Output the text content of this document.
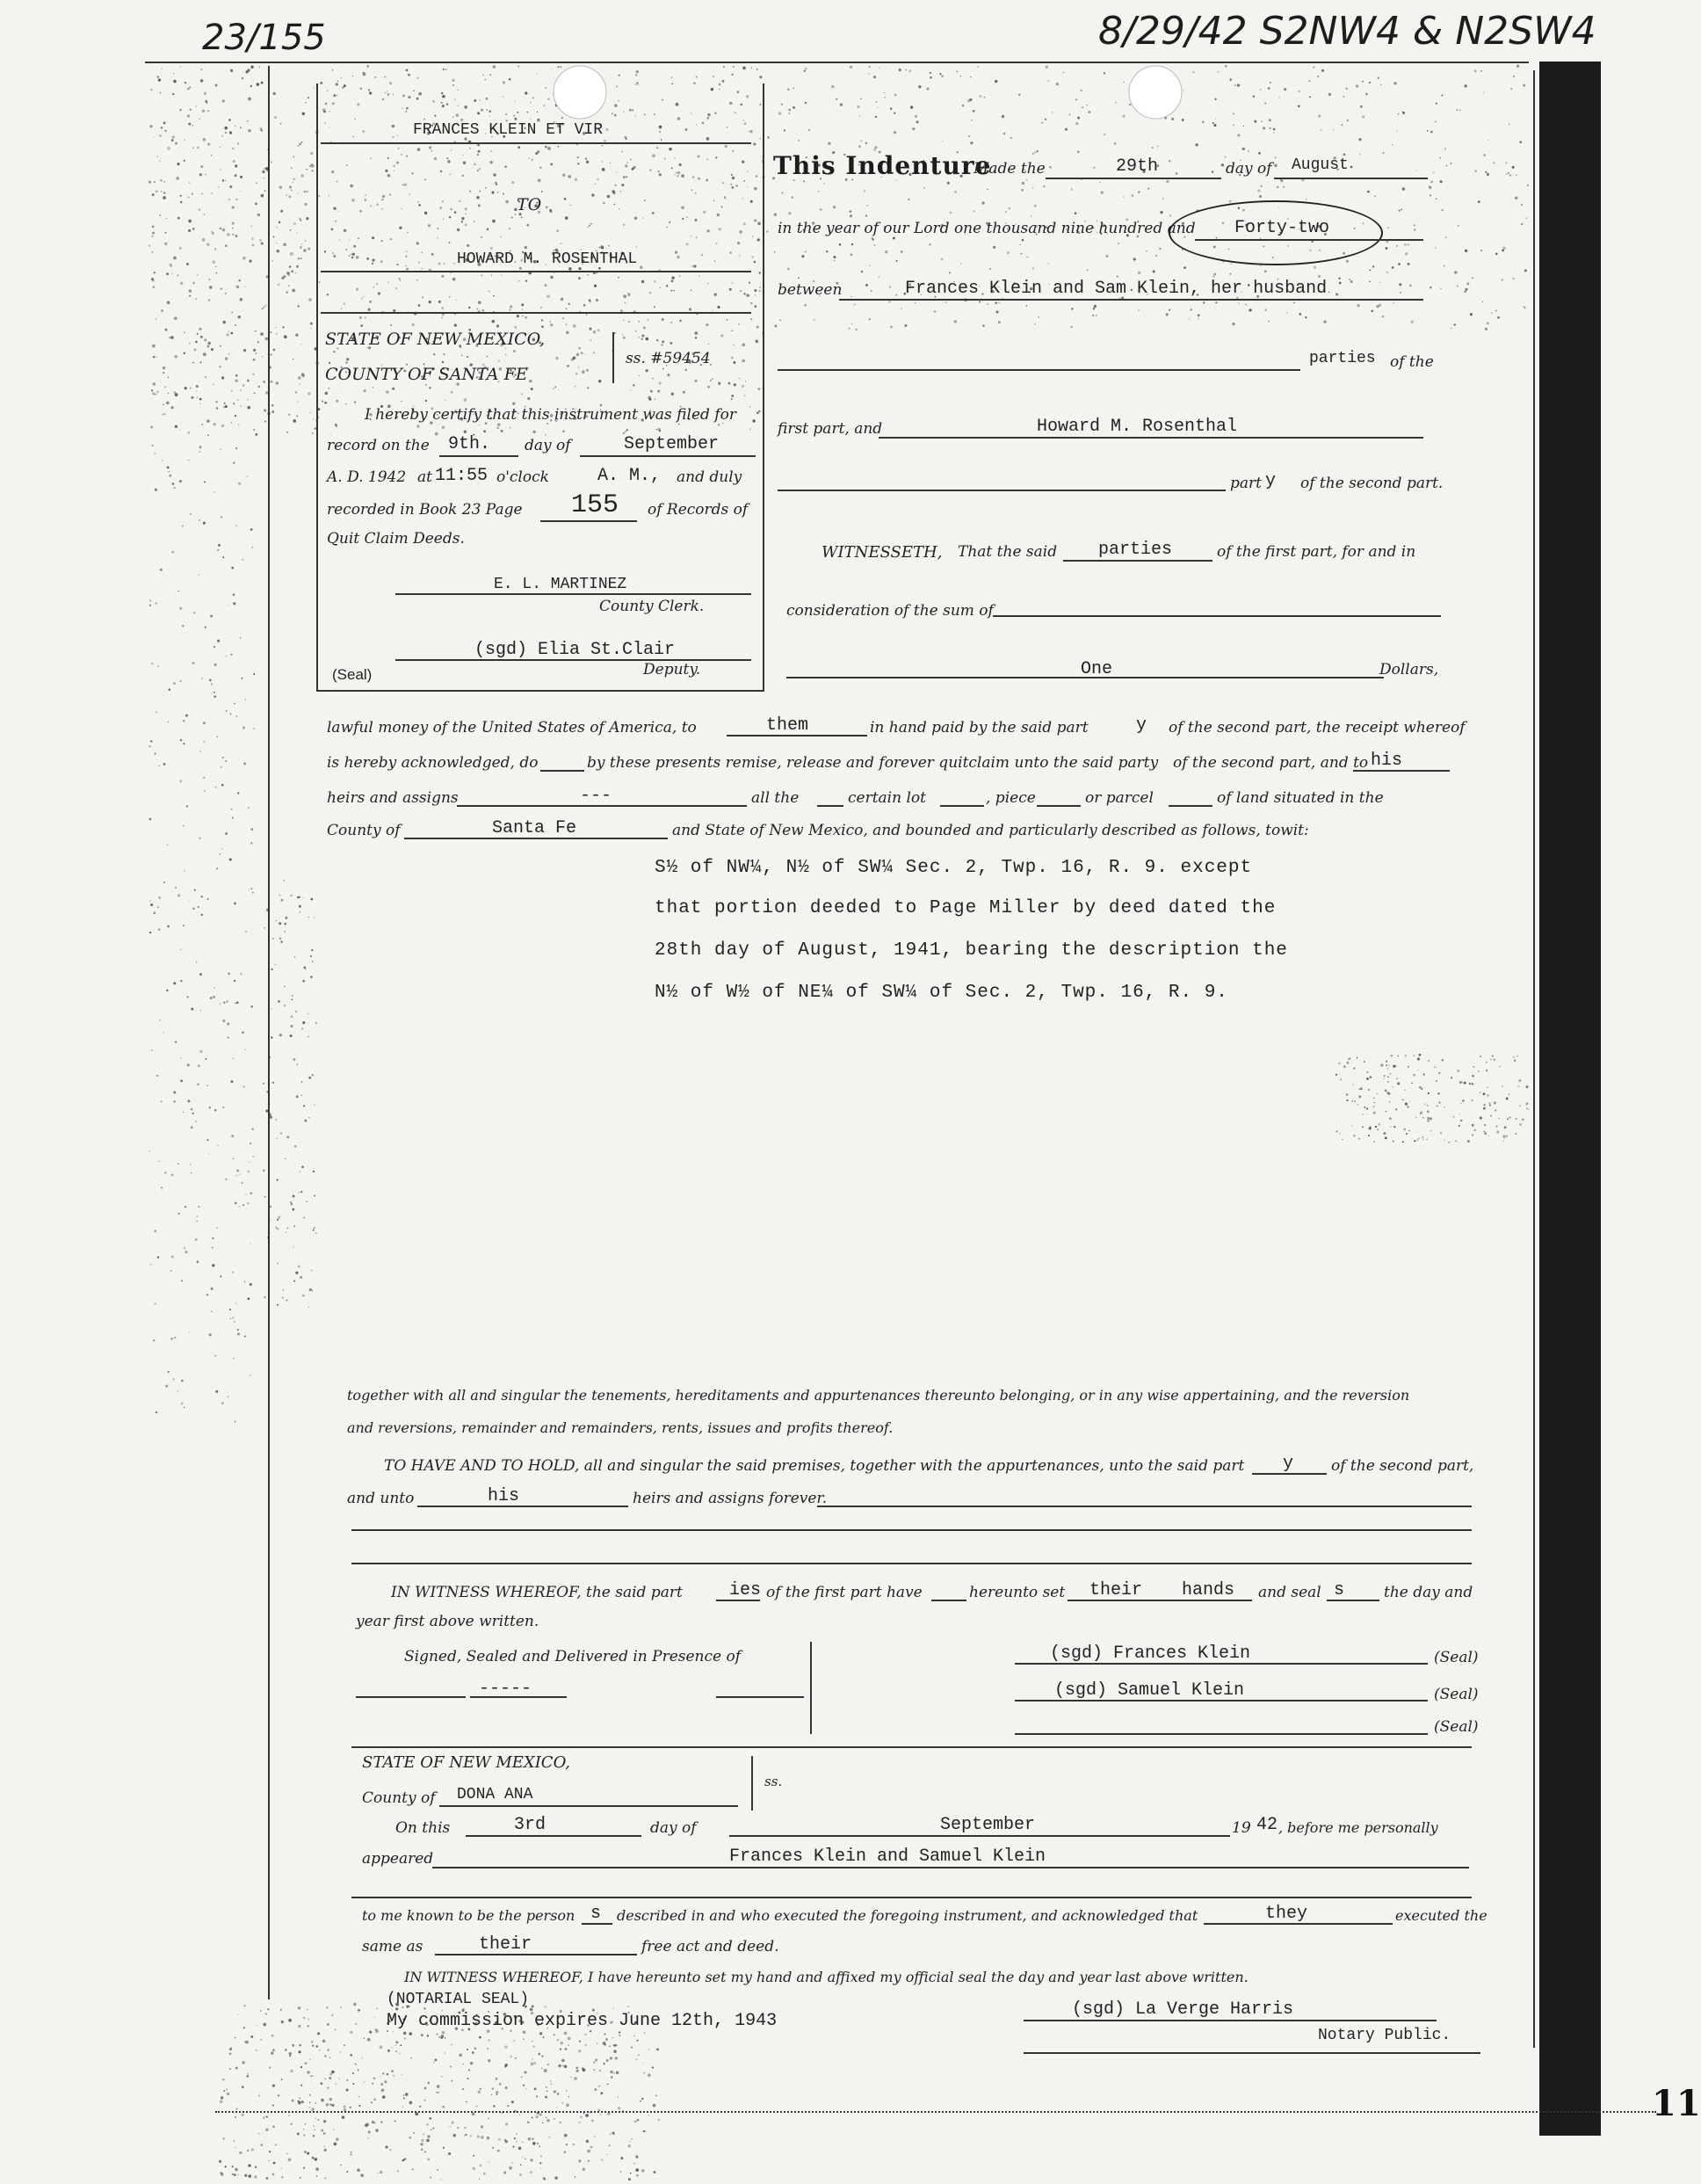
23/155	8/29/42 S2NW4 & N2SW4
11
FRANCES KLEIN ET VIR
TO
HOWARD M. ROSENTHAL
STATE OF NEW MEXICO,
COUNTY OF SANTA FE
ss. #59454
I hereby certify that this instrument was filed for
record on the 9th. day of	September
A. D. 1942 at 11:55 o'clock	A. M., and duly
recorded in Book 23 Page 155 of Records of
Quit Claim Deeds.
E. L. MARTINEZ
County Clerk.
(sgd) Elia St.Clair
(Seal)	Deputy.
This Indenture
Made the	29th	day of August
in the year of our Lord one thousand nine hundred and Forty-two
between	Frances Klein and Sam Klein, her husband
parties of the
first part, and	Howard M. Rosenthal
part y of the second part.
WITNESSETH, That the said parties	of the first part, for and in
consideration of the sum of
One	Dollars,
lawful money of the United States of America, to	them	in hand paid by the said part	y of the second part, the receipt whereof
is hereby acknowledged, do	by these presents remise, release and forever quitclaim unto the said party of the second part, and to his
heirs and assigns	---	all the	certain lot	, piece	or parcel	of land situated in the
County of	Santa Fe	and State of New Mexico, and bounded and particularly described as follows, towit:
S½ of NW¼, N½ of SW¼ Sec. 2, Twp. 16, R. 9. except
that portion deeded to Page Miller by deed dated the
28th day of August, 1941, bearing the description the
N½ of W½ of NE¼ of SW¼ of Sec. 2, Twp. 16, R. 9.
together with all and singular the tenements, hereditaments and appurtenances thereunto belonging, or in any wise appertaining, and the reversion
and reversions, remainder and remainders, rents, issues and profits thereof.
TO HAVE AND TO HOLD, all and singular the said premises, together with the appurtenances, unto the said part y	of the second part,
and unto	his	heirs and assigns forever.
IN WITNESS WHEREOF, the said part	ies of the first part have	hereunto set their hands and seal s	the day and
year first above written.
Signed, Sealed and Delivered in Presence of
-----
(sgd) Frances Klein	(Seal)
(sgd) Samuel Klein	(Seal)
(Seal)
STATE OF NEW MEXICO,
County of DONA ANA
ss.
On this	3rd	day of	September	19 42 , before me personally
appeared	Frances Klein and Samuel Klein
to me known to be the person s described in and who executed the foregoing instrument, and acknowledged that	they	executed the
same as	their	free act and deed.
IN WITNESS WHEREOF, I have hereunto set my hand and affixed my official seal the day and year last above written.
(NOTARIAL SEAL)
My commission expires June 12th, 1943
(sgd) La Verge Harris
Notary Public.
